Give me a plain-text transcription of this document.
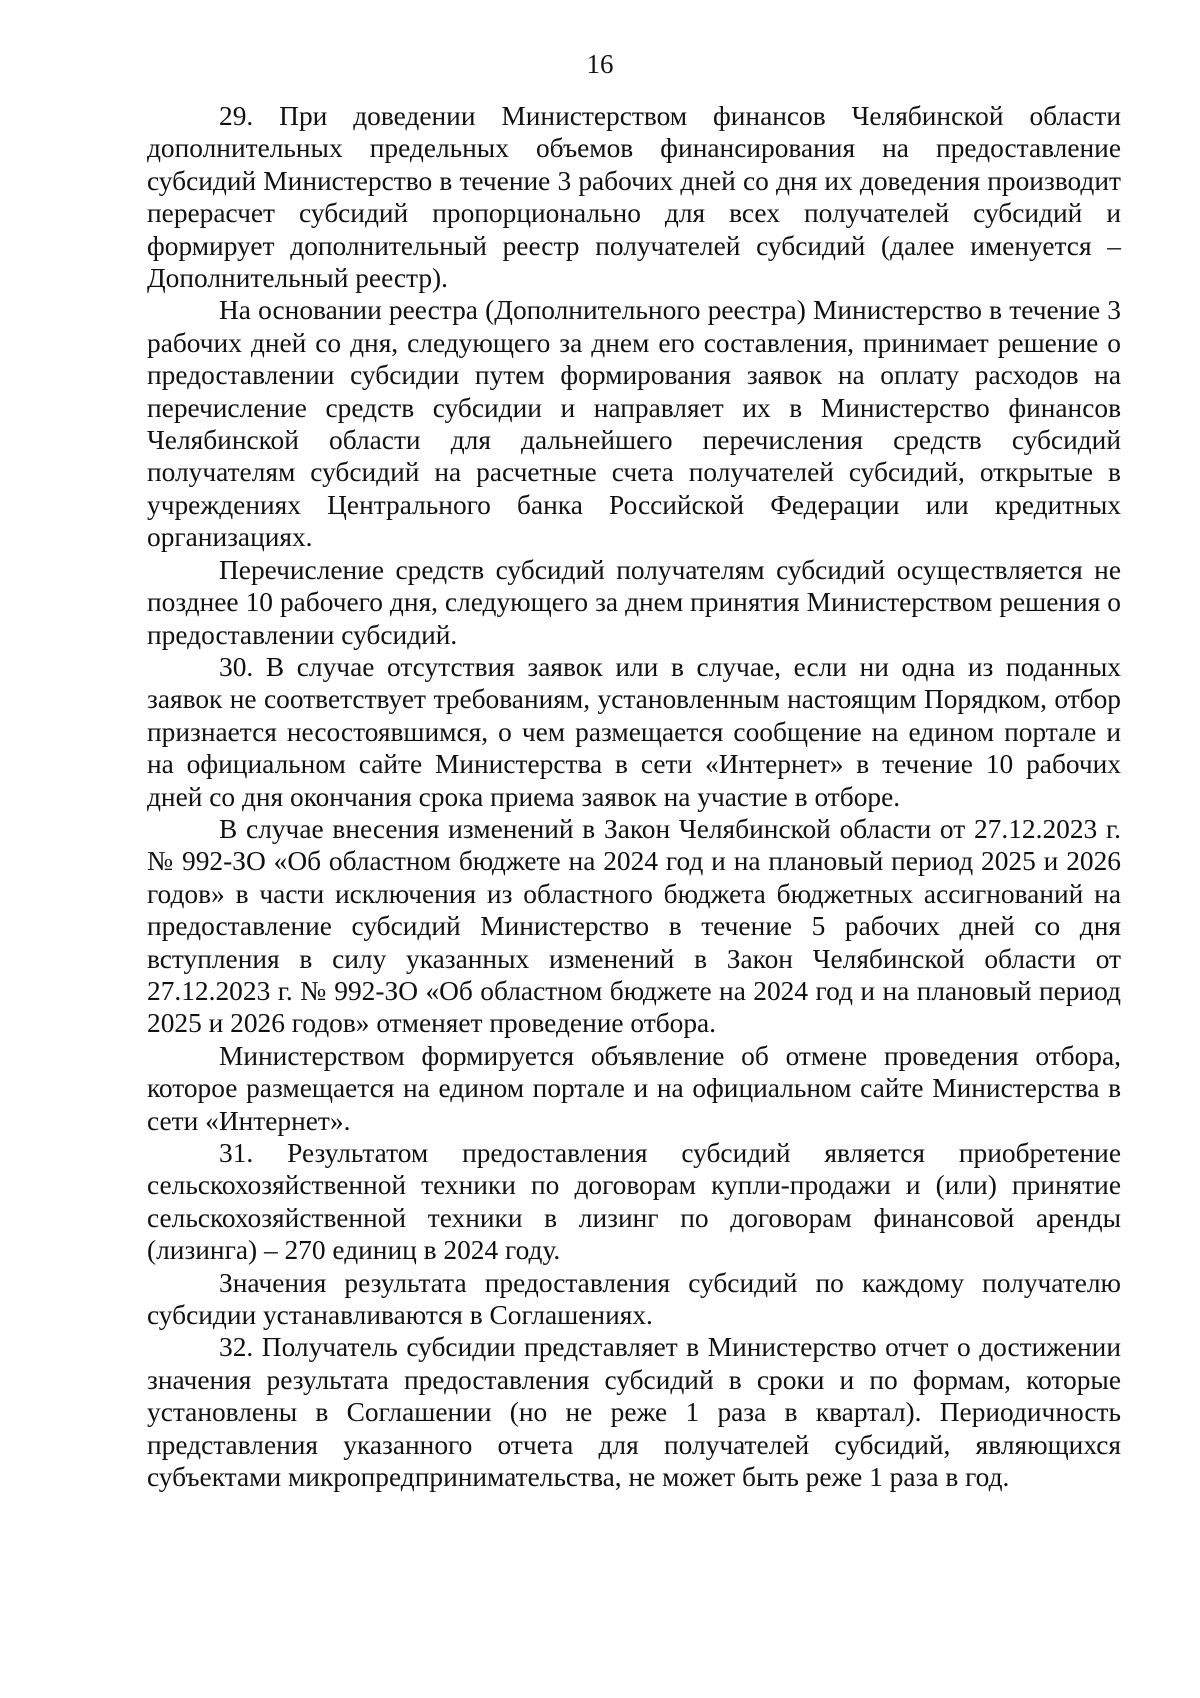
16

29. При доведении Министерством финансов Челябинской области дополнительных предельных объемов финансирования на предоставление субсидий Министерство в течение 3 рабочих дней со дня их доведения производит перерасчет субсидий пропорционально для всех получателей субсидий и формирует дополнительный реестр получателей субсидий (далее именуется – Дополнительный реестр).

На основании реестра (Дополнительного реестра) Министерство в течение 3 рабочих дней со дня, следующего за днем его составления, принимает решение о предоставлении субсидии путем формирования заявок на оплату расходов на перечисление средств субсидии и направляет их в Министерство финансов Челябинской области для дальнейшего перечисления средств субсидий получателям субсидий на расчетные счета получателей субсидий, открытые в учреждениях Центрального банка Российской Федерации или кредитных организациях.

Перечисление средств субсидий получателям субсидий осуществляется не позднее 10 рабочего дня, следующего за днем принятия Министерством решения о предоставлении субсидий.

30. В случае отсутствия заявок или в случае, если ни одна из поданных заявок не соответствует требованиям, установленным настоящим Порядком, отбор признается несостоявшимся, о чем размещается сообщение на едином портале и на официальном сайте Министерства в сети «Интернет» в течение 10 рабочих дней со дня окончания срока приема заявок на участие в отборе.

В случае внесения изменений в Закон Челябинской области от 27.12.2023 г. № 992-ЗО «Об областном бюджете на 2024 год и на плановый период 2025 и 2026 годов» в части исключения из областного бюджета бюджетных ассигнований на предоставление субсидий Министерство в течение 5 рабочих дней со дня вступления в силу указанных изменений в Закон Челябинской области от 27.12.2023 г. № 992-ЗО «Об областном бюджете на 2024 год и на плановый период 2025 и 2026 годов» отменяет проведение отбора.

Министерством формируется объявление об отмене проведения отбора, которое размещается на едином портале и на официальном сайте Министерства в сети «Интернет».

31. Результатом предоставления субсидий является приобретение сельскохозяйственной техники по договорам купли-продажи и (или) принятие сельскохозяйственной техники в лизинг по договорам финансовой аренды (лизинга) – 270 единиц в 2024 году.

Значения результата предоставления субсидий по каждому получателю субсидии устанавливаются в Соглашениях.

32. Получатель субсидии представляет в Министерство отчет о достижении значения результата предоставления субсидий в сроки и по формам, которые установлены в Соглашении (но не реже 1 раза в квартал). Периодичность представления указанного отчета для получателей субсидий, являющихся субъектами микропредпринимательства, не может быть реже 1 раза в год.
